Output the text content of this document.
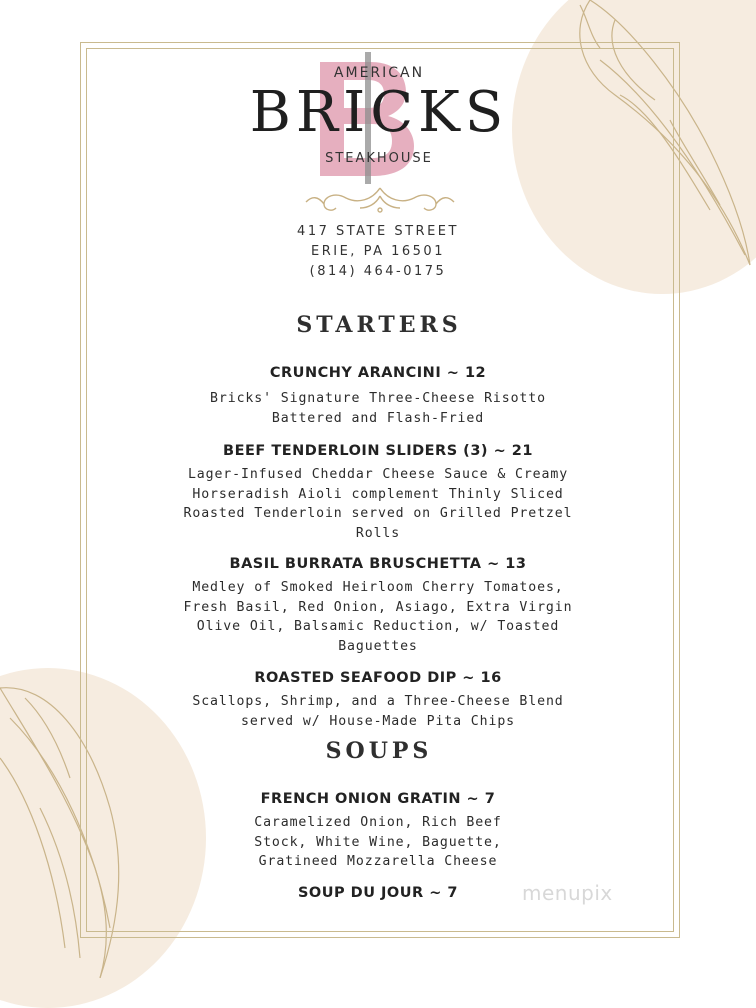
AMERICAN
BRICKS
STEAKHOUSE
417 STATE STREET
ERIE, PA 16501
(814) 464-0175
STARTERS
CRUNCHY ARANCINI ~ 12
Bricks' Signature Three-Cheese Risotto
Battered and Flash-Fried
BEEF TENDERLOIN SLIDERS (3) ~ 21
Lager-Infused Cheddar Cheese Sauce & Creamy
Horseradish Aioli complement Thinly Sliced
Roasted Tenderloin served on Grilled Pretzel
Rolls
BASIL BURRATA BRUSCHETTA ~ 13
Medley of Smoked Heirloom Cherry Tomatoes,
Fresh Basil, Red Onion, Asiago, Extra Virgin
Olive Oil, Balsamic Reduction, w/ Toasted
Baguettes
ROASTED SEAFOOD DIP ~ 16
Scallops, Shrimp, and a Three-Cheese Blend
served w/ House-Made Pita Chips
SOUPS
FRENCH ONION GRATIN ~ 7
Caramelized Onion, Rich Beef
Stock, White Wine, Baguette,
Gratineed Mozzarella Cheese
SOUP DU JOUR ~ 7	menupix
